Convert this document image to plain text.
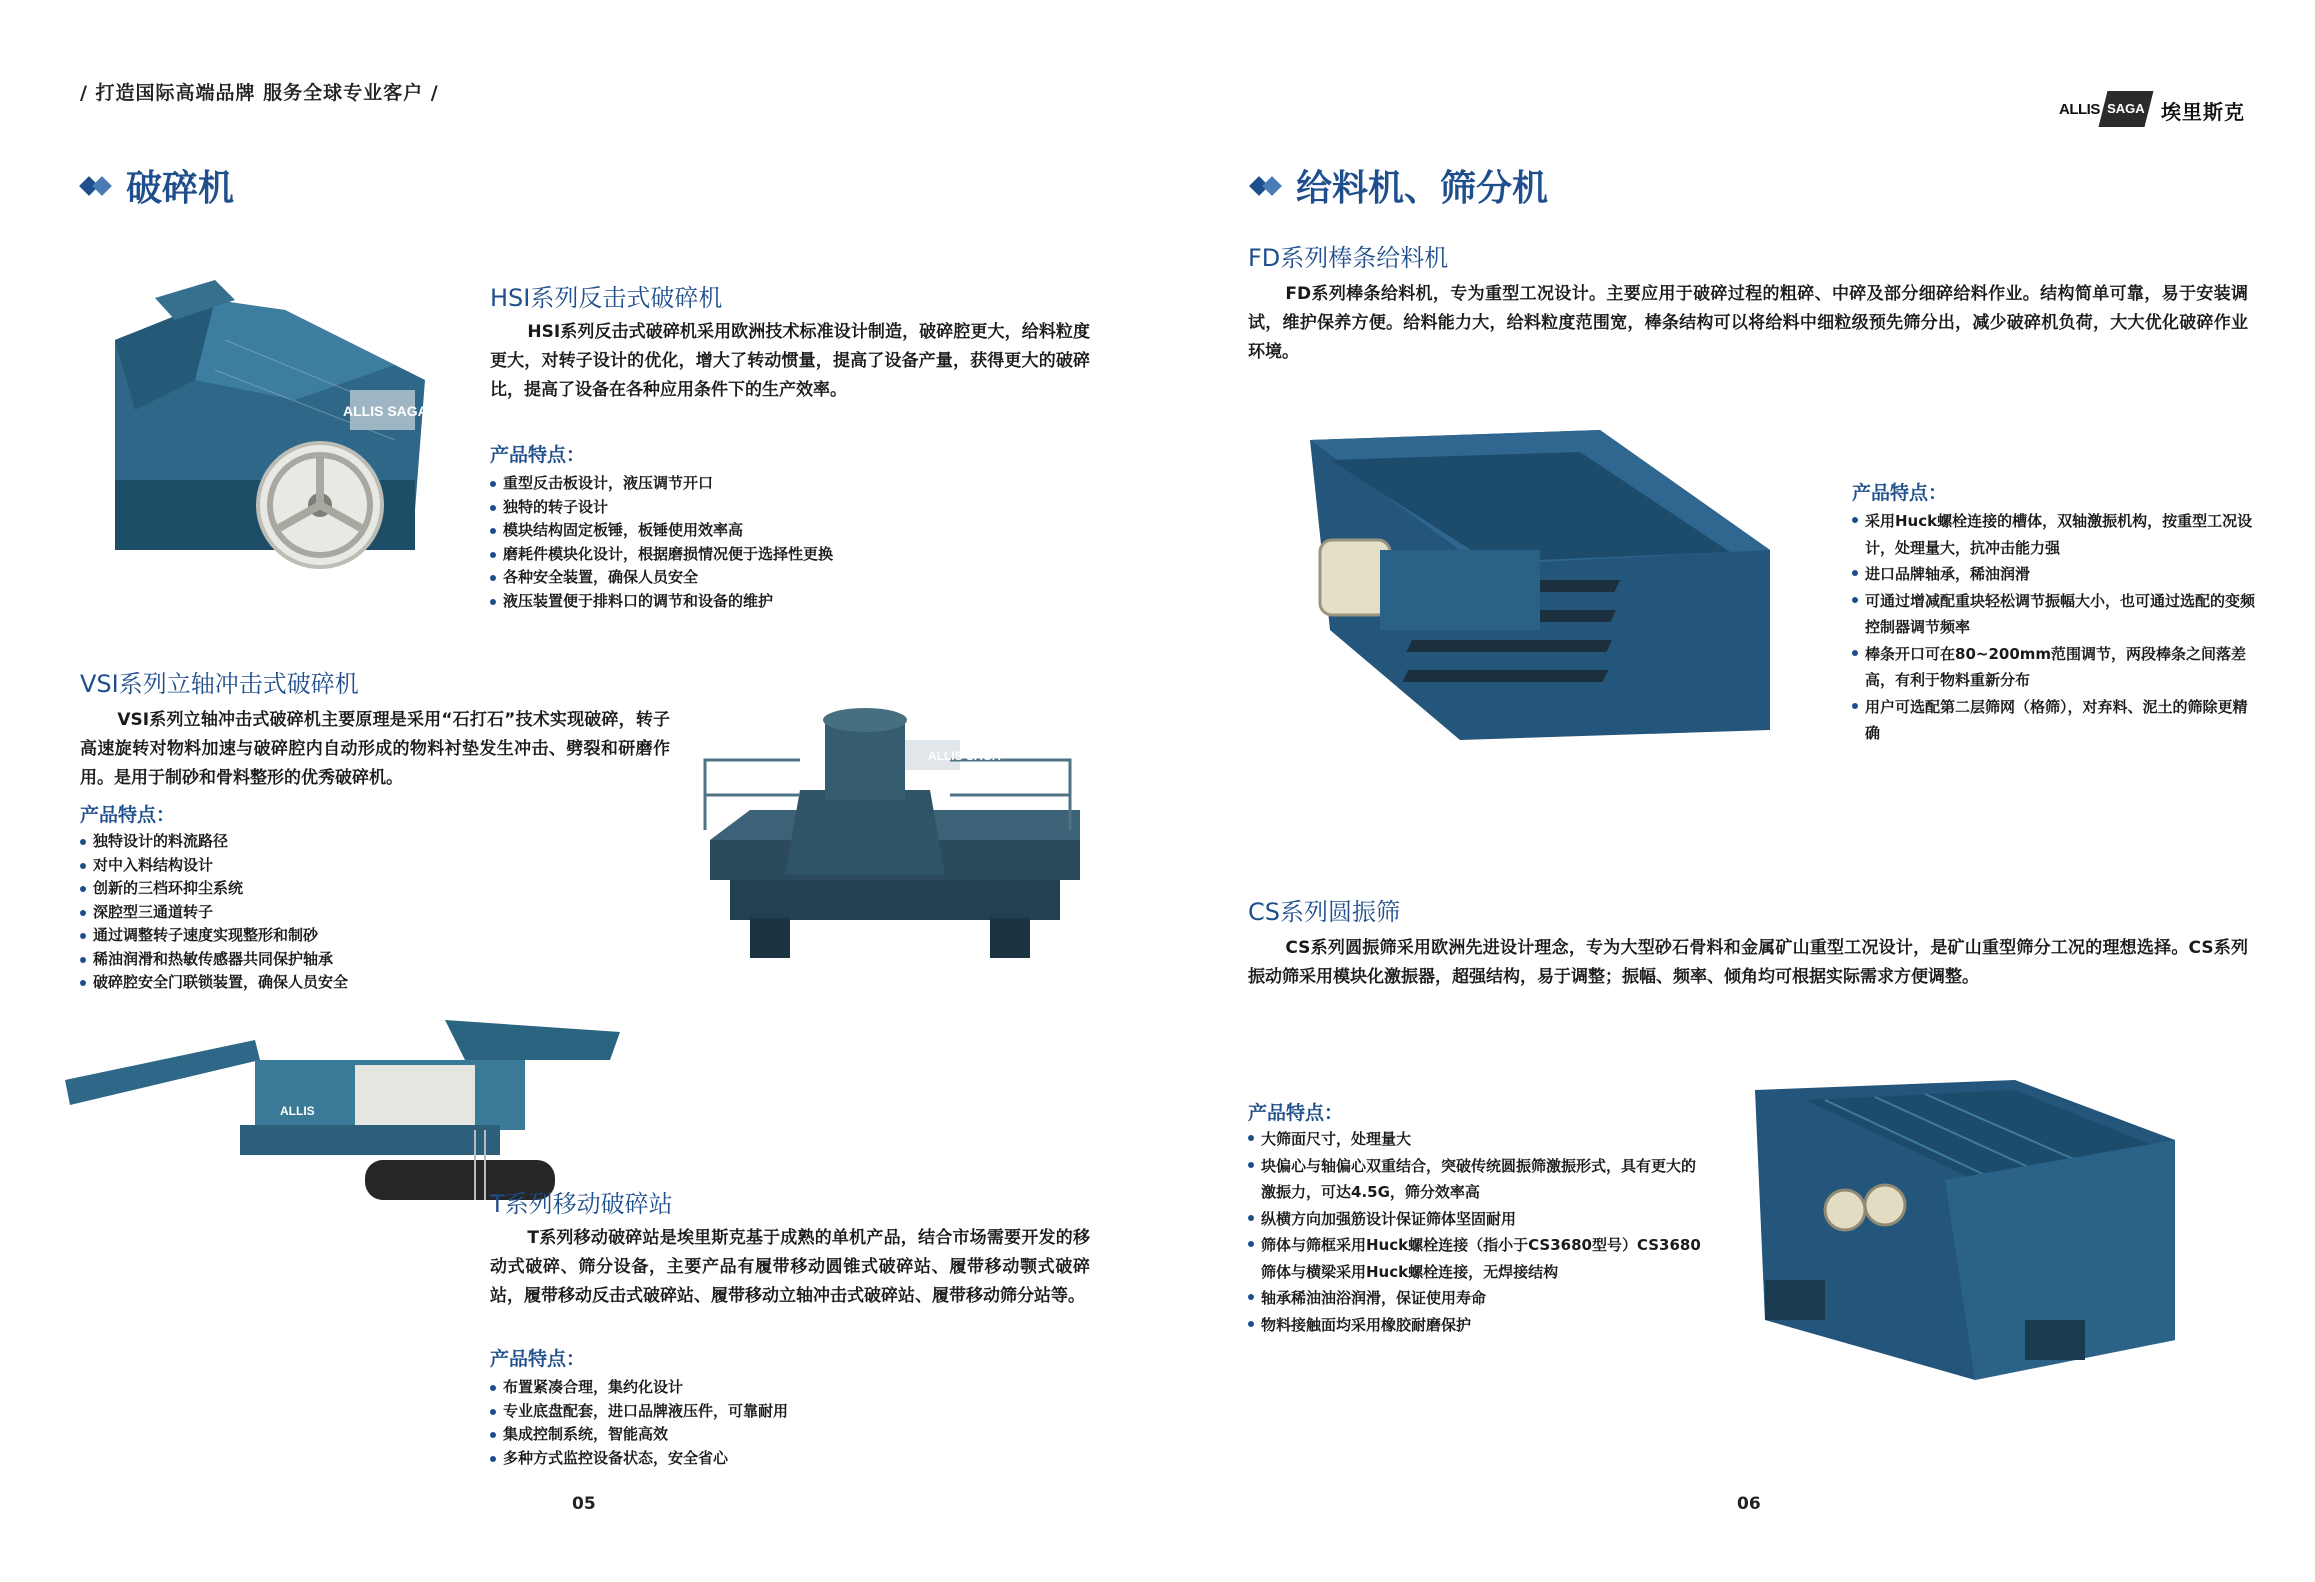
/ 打造国际高端品牌 服务全球专业客户 /
ALLIS SAGA 埃里斯克
破碎机
ALLIS SAGA
HSI系列反击式破碎机
HSI系列反击式破碎机采用欧洲技术标准设计制造，破碎腔更大，给料粒度更大，对转子设计的优化，增大了转动惯量，提高了设备产量，获得更大的破碎比，提高了设备在各种应用条件下的生产效率。
产品特点：
重型反击板设计，液压调节开口
独特的转子设计
模块结构固定板锤，板锤使用效率高
磨耗件模块化设计，根据磨损情况便于选择性更换
各种安全装置，确保人员安全
液压装置便于排料口的调节和设备的维护
VSI系列立轴冲击式破碎机
VSI系列立轴冲击式破碎机主要原理是采用“石打石”技术实现破碎，转子高速旋转对物料加速与破碎腔内自动形成的物料衬垫发生冲击、劈裂和研磨作用。是用于制砂和骨料整形的优秀破碎机。
产品特点：
独特设计的料流路径
对中入料结构设计
创新的三档环抑尘系统
深腔型三通道转子
通过调整转子速度实现整形和制砂
稀油润滑和热敏传感器共同保护轴承
破碎腔安全门联锁装置，确保人员安全
ALLIS SAGA
ALLIS
T系列移动破碎站
T系列移动破碎站是埃里斯克基于成熟的单机产品，结合市场需要开发的移动式破碎、筛分设备，主要产品有履带移动圆锥式破碎站、履带移动颚式破碎站，履带移动反击式破碎站、履带移动立轴冲击式破碎站、履带移动筛分站等。
产品特点：
布置紧凑合理，集约化设计
专业底盘配套，进口品牌液压件，可靠耐用
集成控制系统，智能高效
多种方式监控设备状态，安全省心
05
给料机、筛分机
FD系列棒条给料机
FD系列棒条给料机，专为重型工况设计。主要应用于破碎过程的粗碎、中碎及部分细碎给料作业。结构简单可靠，易于安装调试，维护保养方便。给料能力大，给料粒度范围宽，棒条结构可以将给料中细粒级预先筛分出，减少破碎机负荷，大大优化破碎作业环境。
产品特点：
采用Huck螺栓连接的槽体，双轴激振机构，按重型工况设计，处理量大，抗冲击能力强
进口品牌轴承，稀油润滑
可通过增减配重块轻松调节振幅大小，也可通过选配的变频控制器调节频率
棒条开口可在80~200mm范围调节，两段棒条之间落差高，有利于物料重新分布
用户可选配第二层筛网（格筛），对弃料、泥土的筛除更精确
CS系列圆振筛
CS系列圆振筛采用欧洲先进设计理念，专为大型砂石骨料和金属矿山重型工况设计，是矿山重型筛分工况的理想选择。CS系列振动筛采用模块化激振器，超强结构，易于调整；振幅、频率、倾角均可根据实际需求方便调整。
产品特点：
大筛面尺寸，处理量大
块偏心与轴偏心双重结合，突破传统圆振筛激振形式，具有更大的激振力，可达4.5G，筛分效率高
纵横方向加强筋设计保证筛体坚固耐用
筛体与筛框采用Huck螺栓连接（指小于CS3680型号）CS3680筛体与横梁采用Huck螺栓连接，无焊接结构
轴承稀油油浴润滑，保证使用寿命
物料接触面均采用橡胶耐磨保护
06
